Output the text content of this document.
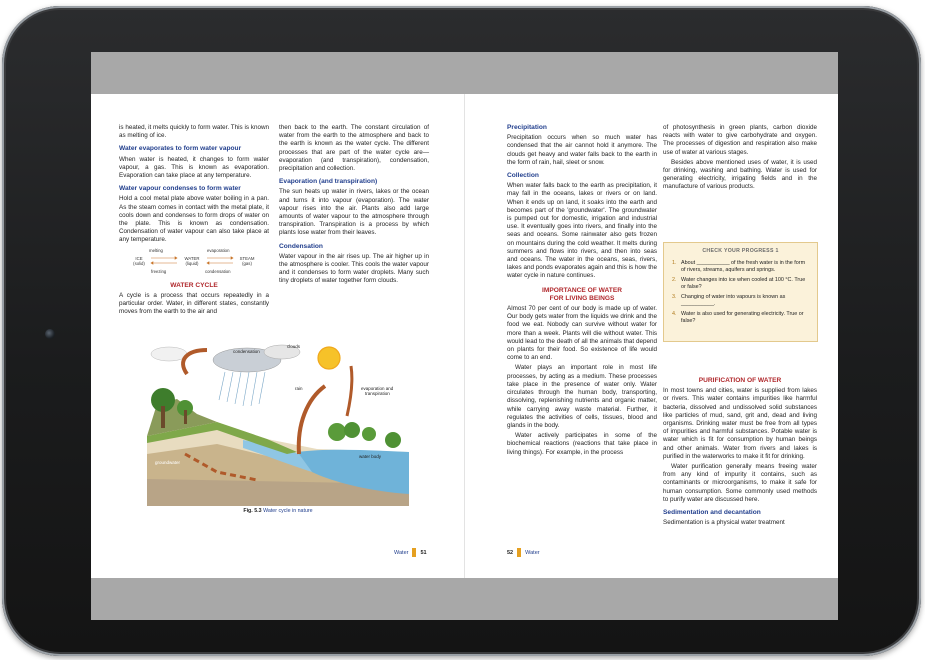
is heated, it melts quickly to form water. This is known as melting of ice.

Water evaporates to form water vapour

When water is heated, it changes to form water vapour, a gas. This is known as evaporation. Evaporation can take place at any temperature.

Water vapour condenses to form water

Hold a cool metal plate above water boiling in a pan. As the steam comes in contact with the metal plate, it cools down and condenses to form drops of water on the plate. This is known as condensation. Condensation of water vapour can also take place at any temperature.

melting	evaporation
ICE
(solid)
WATER
(liquid)
STEAM
(gas)
freezing	condensation

WATER CYCLE

A cycle is a process that occurs repeatedly in a particular order. Water, in different states, constantly moves from the earth to the air and

then back to the earth. The constant circulation of water from the earth to the atmosphere and back to the earth is known as the water cycle. The different processes that are part of the water cycle are—evaporation (and transpiration), condensation, precipitation and collection.

Evaporation (and transpiration)

The sun heats up water in rivers, lakes or the ocean and turns it into vapour (evaporation). The water vapour rises into the air. Plants also add large amounts of water vapour to the atmosphere through transpiration. Transpiration is a process by which plants lose water from their leaves.

Condensation

Water vapour in the air rises up. The air higher up in the atmosphere is cooler. This cools the water vapour and it condenses to form water droplets. Many such tiny droplets of water together form clouds.

clouds
condensation
rain	evaporation and
transpiration
water body
groundwater
Fig. 5.3 Water cycle in nature
Water 51

Precipitation

Precipitation occurs when so much water has condensed that the air cannot hold it anymore. The clouds get heavy and water falls back to the earth in the form of rain, hail, sleet or snow.

Collection

When water falls back to the earth as precipitation, it may fall in the oceans, lakes or rivers or on land. When it ends up on land, it soaks into the earth and becomes part of the 'groundwater'. The groundwater is pumped out for domestic, irrigation and industrial use. It eventually goes into rivers, and finally into the seas and oceans. Some rainwater also gets frozen on mountains during the cold weather. It melts during summers and flows into rivers, and then into seas and oceans. The water in the oceans, seas, rivers, lakes and ponds evaporates again and this is how the water cycle in nature continues.

IMPORTANCE OF WATER

FOR LIVING BEINGS

Almost 70 per cent of our body is made up of water. Our body gets water from the liquids we drink and the food we eat. Nobody can survive without water for more than a week. Plants will die without water. This would lead to the death of all the animals that depend on plants for their food. So existence of life would come to an end.

Water plays an important role in most life processes, by acting as a medium. These processes take place in the presence of water only. Water circulates through the human body, transporting, dissolving, replenishing nutrients and organic matter, while carrying away waste material. Further, it regulates the activities of cells, tissues, blood and glands in the body.

Water actively participates in some of the biochemical reactions (reactions that take place in living things). For example, in the process

of photosynthesis in green plants, carbon dioxide reacts with water to give carbohydrate and oxygen. The processes of digestion and respiration also make use of water at various stages.

Besides above mentioned uses of water, it is used for drinking, washing and bathing. Water is used for generating electricity, irrigating fields and in the manufacture of various products.

CHECK YOUR PROGRESS 1
1. About ___________ of the fresh water is in the form of rivers, streams, aquifers and springs.
2. Water changes into ice when cooled at 100 °C. True or false?
3. Changing of water into vapours is known as ___________.
4. Water is also used for generating electricity. True or false?

PURIFICATION OF WATER

In most towns and cities, water is supplied from lakes or rivers. This water contains impurities like harmful bacteria, dissolved and undissolved solid substances like particles of mud, sand, grit and, dead and living organisms. Drinking water must be free from all types of impurities and harmful substances. Potable water is water which is fit for consumption by human beings and other animals. Water from rivers and lakes is purified in the waterworks to make it fit for drinking.

Water purification generally means freeing water from any kind of impurity it contains, such as contaminants or microorganisms, to make it safe for human consumption. Some commonly used methods to purify water are discussed here.

Sedimentation and decantation

Sedimentation is a physical water treatment

52 Water
